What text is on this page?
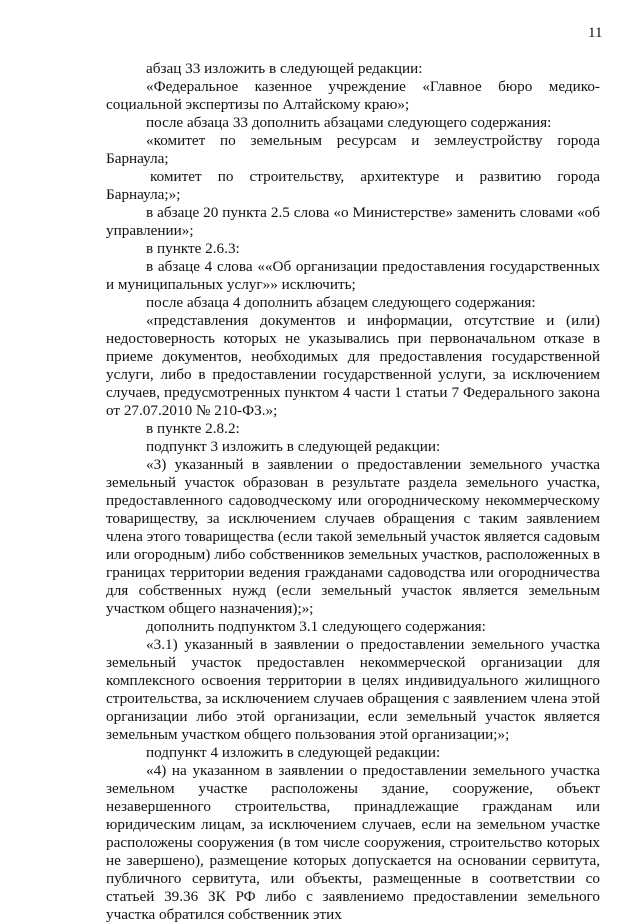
11

абзац 33 изложить в следующей редакции:

«Федеральное казенное учреждение «Главное бюро медико-социальной экспертизы по Алтайскому краю»;

после абзаца 33 дополнить абзацами следующего содержания:

«комитет по земельным ресурсам и землеустройству города Барнаула;

комитет по строительству, архитектуре и развитию города Барнаула;»;

в абзаце 20 пункта 2.5 слова «о Министерстве» заменить словами «об управлении»;

в пункте 2.6.3:

в абзаце 4 слова ««Об организации предоставления государственных и муниципальных услуг»» исключить;

после абзаца 4 дополнить абзацем следующего содержания:

«представления документов и информации, отсутствие и (или) недостоверность которых не указывались при первоначальном отказе в приеме документов, необходимых для предоставления государственной услуги, либо в предоставлении государственной услуги, за исключением случаев, предусмотренных пунктом 4 части 1 статьи 7 Федерального закона от 27.07.2010 № 210-ФЗ.»;

в пункте 2.8.2:

подпункт 3 изложить в следующей редакции:

«3) указанный в заявлении о предоставлении земельного участка земельный участок образован в результате раздела земельного участка, предоставленного садоводческому или огородническому некоммерческому товариществу, за исключением случаев обращения с таким заявлением члена этого товарищества (если такой земельный участок является садовым или огородным) либо собственников земельных участков, расположенных в границах территории ведения гражданами садоводства или огородничества для собственных нужд (если земельный участок является земельным участком общего назначения);»;

дополнить подпунктом 3.1 следующего содержания:

«3.1) указанный в заявлении о предоставлении земельного участка земельный участок предоставлен некоммерческой организации для комплексного освоения территории в целях индивидуального жилищного строительства, за исключением случаев обращения с заявлением члена этой организации либо этой организации, если земельный участок является земельным участком общего пользования этой организации;»;

подпункт 4 изложить в следующей редакции:

«4) на указанном в заявлении о предоставлении земельного участка земельном участке расположены здание, сооружение, объект незавершенного строительства, принадлежащие гражданам или юридическим лицам, за исключением случаев, если на земельном участке расположены сооружения (в том числе сооружения, строительство которых не завершено), размещение которых допускается на основании сервитута, публичного сервитута, или объекты, размещенные в соответствии со статьей 39.36 ЗК РФ либо с заявлениемо предоставлении земельного участка обратился собственник этих
